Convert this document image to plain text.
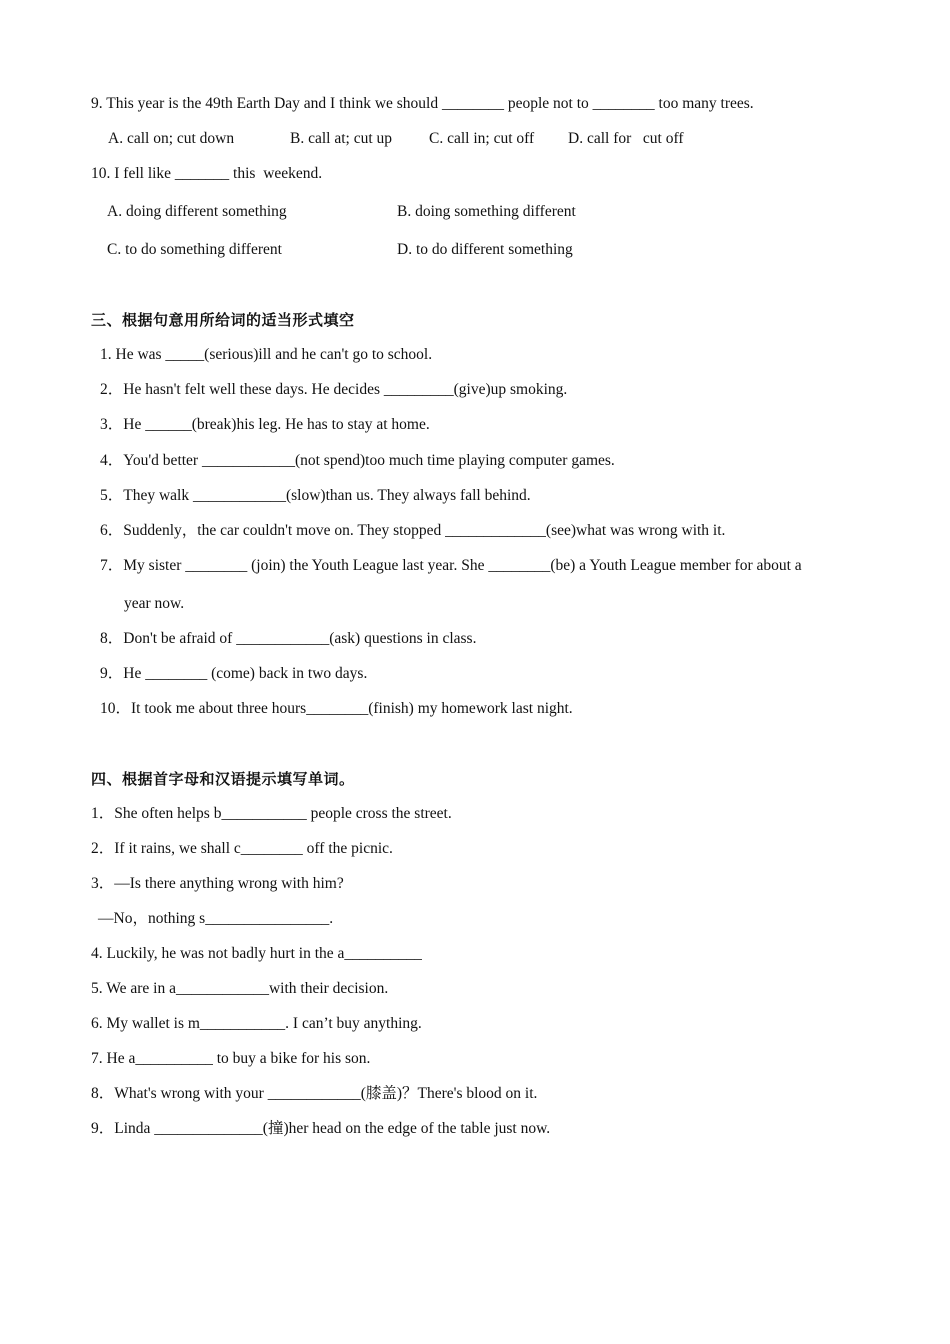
9. This year is the 49th Earth Day and I think we should ________ people not to ________ too many trees.
A. call on; cut down	B. call at; cut up C. call in; cut off D. call for   cut off
10. I fell like _______ this  weekend.
A. doing different something	B. doing something different
C. to do something different	D. to do different something
三、根据句意用所给词的适当形式填空
1. He was _____(serious)ill and he can't go to school.
2．He hasn't felt well these days. He decides _________(give)up smoking.
3．He ______(break)his leg. He has to stay at home.
4．You'd better ____________(not spend)too much time playing computer games.
5．They walk ____________(slow)than us. They always fall behind.
6．Suddenly，the car couldn't move on. They stopped _____________(see)what was wrong with it.
7．My sister ________ (join) the Youth League last year. She ________(be) a Youth League member for about a
year now.
8．Don't be afraid of ____________(ask) questions in class.
9．He ________ (come) back in two days.
10．It took me about three hours________(finish) my homework last night.
四、根据首字母和汉语提示填写单词。
1．She often helps b___________ people cross the street.
2．If it rains, we shall c________ off the picnic.
3．—Is there anything wrong with him?
—No，nothing s________________.
4. Luckily, he was not badly hurt in the a__________
5. We are in a____________with their decision.
6. My wallet is m___________. I can’t buy anything.
7. He a__________ to buy a bike for his son.
8．What's wrong with your ____________(膝盖)？There's blood on it.
9．Linda ______________(撞)her head on the edge of the table just now.
